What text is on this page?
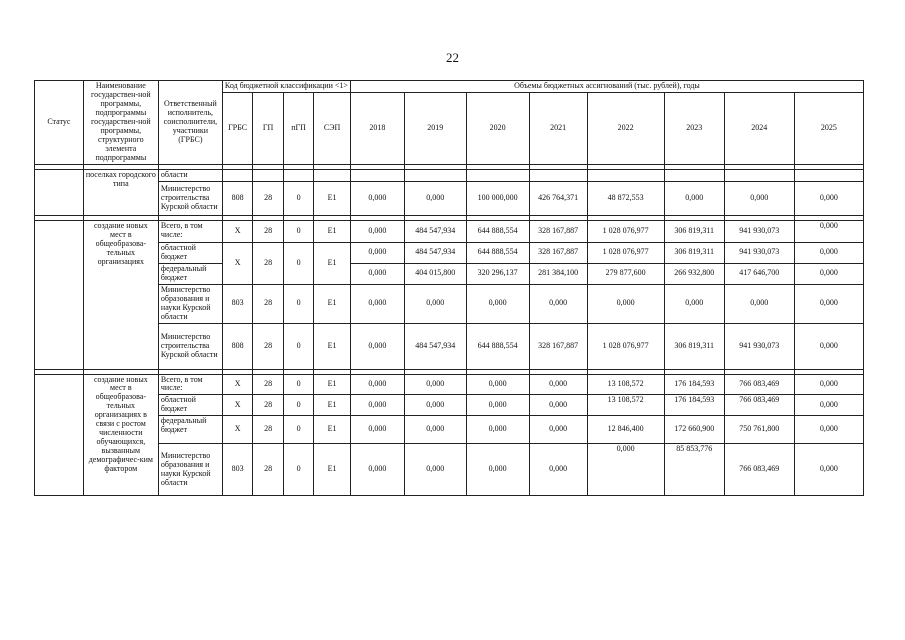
22
Статус	Наименование государствен-ной программы, подпрограммы государствен-ной программы, структурного элемента подпрограммы	Ответственный исполнитель, соисполнители, участники (ГРБС)	Код бюджетной классификации <1>				Объемы бюджетных ассигнований (тыс. рублей), годы							
			ГРБС	ГП	пГП	СЭП	2018	2019	2020	2021	2022	2023	2024	2025

	поселках городского типа	области												
		Министерство строительства Курской области	808	28	0	Е1	0,000	0,000	100 000,000	426 764,371	48 872,553	0,000	0,000	0,000

	создание новых мест в общеобразова-тельных организациях	Всего, в том числе:	Х	28	0	Е1	0,000	484 547,934	644 888,554	328 167,887	1 028 076,977	306 819,311	941 930,073	0,000
		областной бюджет	Х	28	0	Е1	0,000	484 547,934	644 888,554	328 167,887	1 028 076,977	306 819,311	941 930,073	0,000
		федеральный бюджет					0,000	404 015,800	320 296,137	281 384,100	279 877,600	266 932,800	417 646,700	0,000
		Министерство образования и науки Курской области	803	28	0	Е1	0,000	0,000	0,000	0,000	0,000	0,000	0,000	0,000
		Министерство строительства Курской области	808	28	0	Е1	0,000	484 547,934	644 888,554	328 167,887	1 028 076,977	306 819,311	941 930,073	0,000

	создание новых мест в общеобразова-тельных организациях в связи с ростом численности обучающихся, вызванным демографичес-ким фактором	Всего, в том числе:	Х	28	0	Е1	0,000	0,000	0,000	0,000	13 108,572	176 184,593	766 083,469	0,000
		областной бюджет	Х	28	0	Е1	0,000	0,000	0,000	0,000	13 108,572	176 184,593	766 083,469	0,000
		федеральный бюджет	Х	28	0	Е1	0,000	0,000	0,000	0,000	12 846,400	172 660,900	750 761,800	0,000
		Министерство образования и науки Курской области	803	28	0	Е1	0,000	0,000	0,000	0,000	0,000	85 853,776	766 083,469	0,000
